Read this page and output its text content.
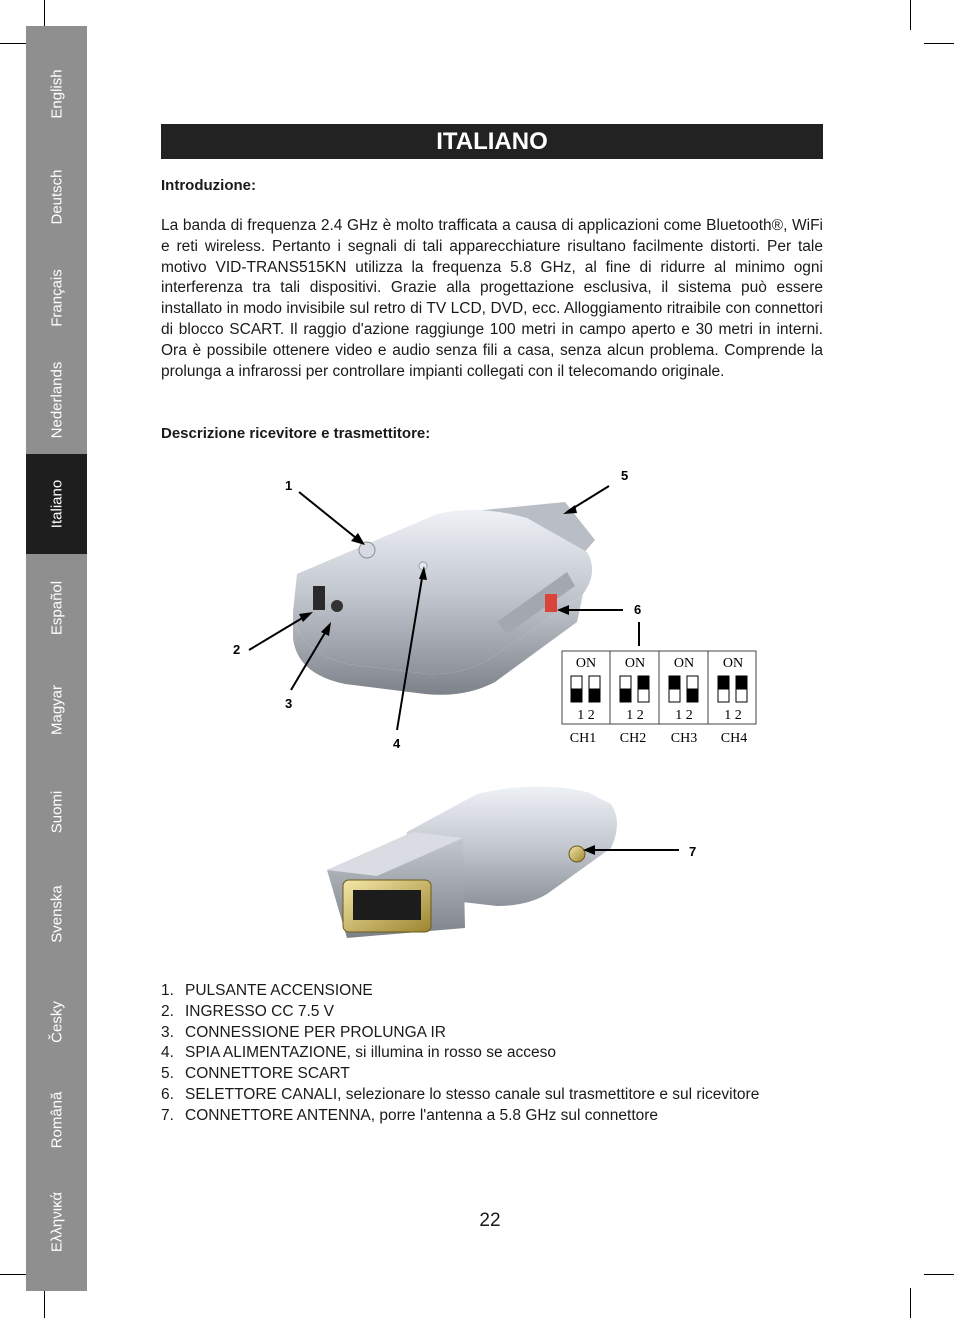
English
Deutsch
Français
Nederlands
Italiano
Español
Magyar
Suomi
Svenska
Česky
Română
Ελληνικά
ITALIANO
Introduzione:

La banda di frequenza 2.4 GHz è molto trafficata a causa di applicazioni come Bluetooth®, WiFi e reti wireless. Pertanto i segnali di tali apparecchiature risultano facilmente distorti. Per tale motivo VID-TRANS515KN utilizza la frequenza 5.8 GHz, al fine di ridurre al minimo ogni interferenza tra tali dispositivi. Grazie alla progettazione esclusiva, il sistema può essere installato in modo invisibile sul retro di TV LCD, DVD, ecc. Alloggiamento ritraibile con connettori di blocco SCART. Il raggio d'azione raggiunge 100 metri in campo aperto e 30 metri in interni. Ora è possibile ottenere video e audio senza fili a casa, senza alcun problema. Comprende la prolunga a infrarossi per controllare impianti collegati con il telecomando originale.

Descrizione ricevitore e trasmettitore:
1
2
3
4
5
6
7
ON ON ON ON
1 2 1 2 1 2 1 2
CH1 CH2 CH3 CH4
1. PULSANTE ACCENSIONE
2. INGRESSO CC 7.5 V
3. CONNESSIONE PER PROLUNGA IR
4. SPIA ALIMENTAZIONE, si illumina in rosso se acceso
5. CONNETTORE SCART
6. SELETTORE CANALI, selezionare lo stesso canale sul trasmettitore e sul ricevitore
7. CONNETTORE ANTENNA, porre l'antenna a 5.8 GHz sul connettore
22
